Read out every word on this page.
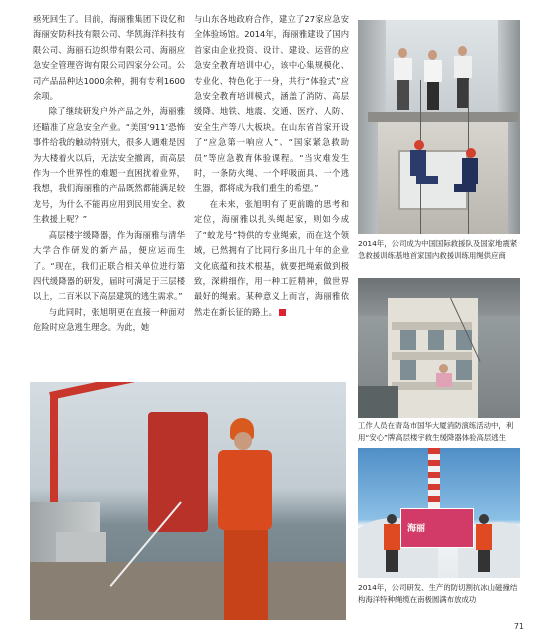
亟死回生了。目前，海丽雅集团下设亿和海丽安防科技有限公司、华凯海洋科技有限公司、海丽石边织带有限公司、海丽应急安全管理咨询有限公司四家分公司。公司产品品种达1000余种，拥有专利1600余项。

除了继续研发户外产品之外，海丽雅还瞄准了应急安全产业。“美国‘911’恐怖事件给我的触动特别大，很多人遇难是因为大楼着火以后，无法安全撤离，而高层作为一个世界性的难题一直困扰着业界，我想，我们海丽雅的产品既然都能满足较龙号，为什么不能再应用到民用安全、救生救援上呢？”

高层楼宇缓降器，作为海丽雅与清华大学合作研发的新产品，便应运而生了。“现在，我们正联合相关单位进行第四代缓降器的研发，届时可满足于三层楼以上，二百米以下高层建筑的逃生需求。”

与此同时，张旭明更在直接一种面对危险时应急逃生理念。为此，她

与山东各地政府合作，建立了27家应急安全体验场馆。2014年，海丽雅建设了国内首家由企业投资、设计、建设、运营的应急安全教育培训中心，该中心集规模化、专业化、特色化于一身，共行“体验式”应急安全教育培训模式，涵盖了消防、高层缓降、地铁、地震、交通、医疗、人防、安全生产等八大板块。在山东省首家开设了“应急第一响应人”、“国家紧急救助员”等应急教育体验课程。“当灾难发生时，一条防火绳、一个呼吸面具、一个逃生器，都将成为我们重生的希望。”

在未来，张旭明有了更前瞻的思考和定位，海丽雅以扎头绳起家，则如今成了“蛟龙号”特供的专业绳索，而在这个领域，已然拥有了比同行多出几十年的企业文化底蕴和技术根基，就要把绳索做到极致，深耕细作，用一种工匠精神，做世界最好的绳索。某种意义上而言，海丽雅依然走在新长征的路上。

2014年，公司成为中国国际救援队及国家地震紧急救援训练基地首家国内救援训练用绳供应商
工作人员在青岛市国华大厦消防演练活动中，利用“安心”牌高层楼宇救生缓降器体验高层逃生
海丽
2014年，公司研发、生产的防切割抗冰山磁撞结构海洋特种绳缆在南极圆满布放成功
71
